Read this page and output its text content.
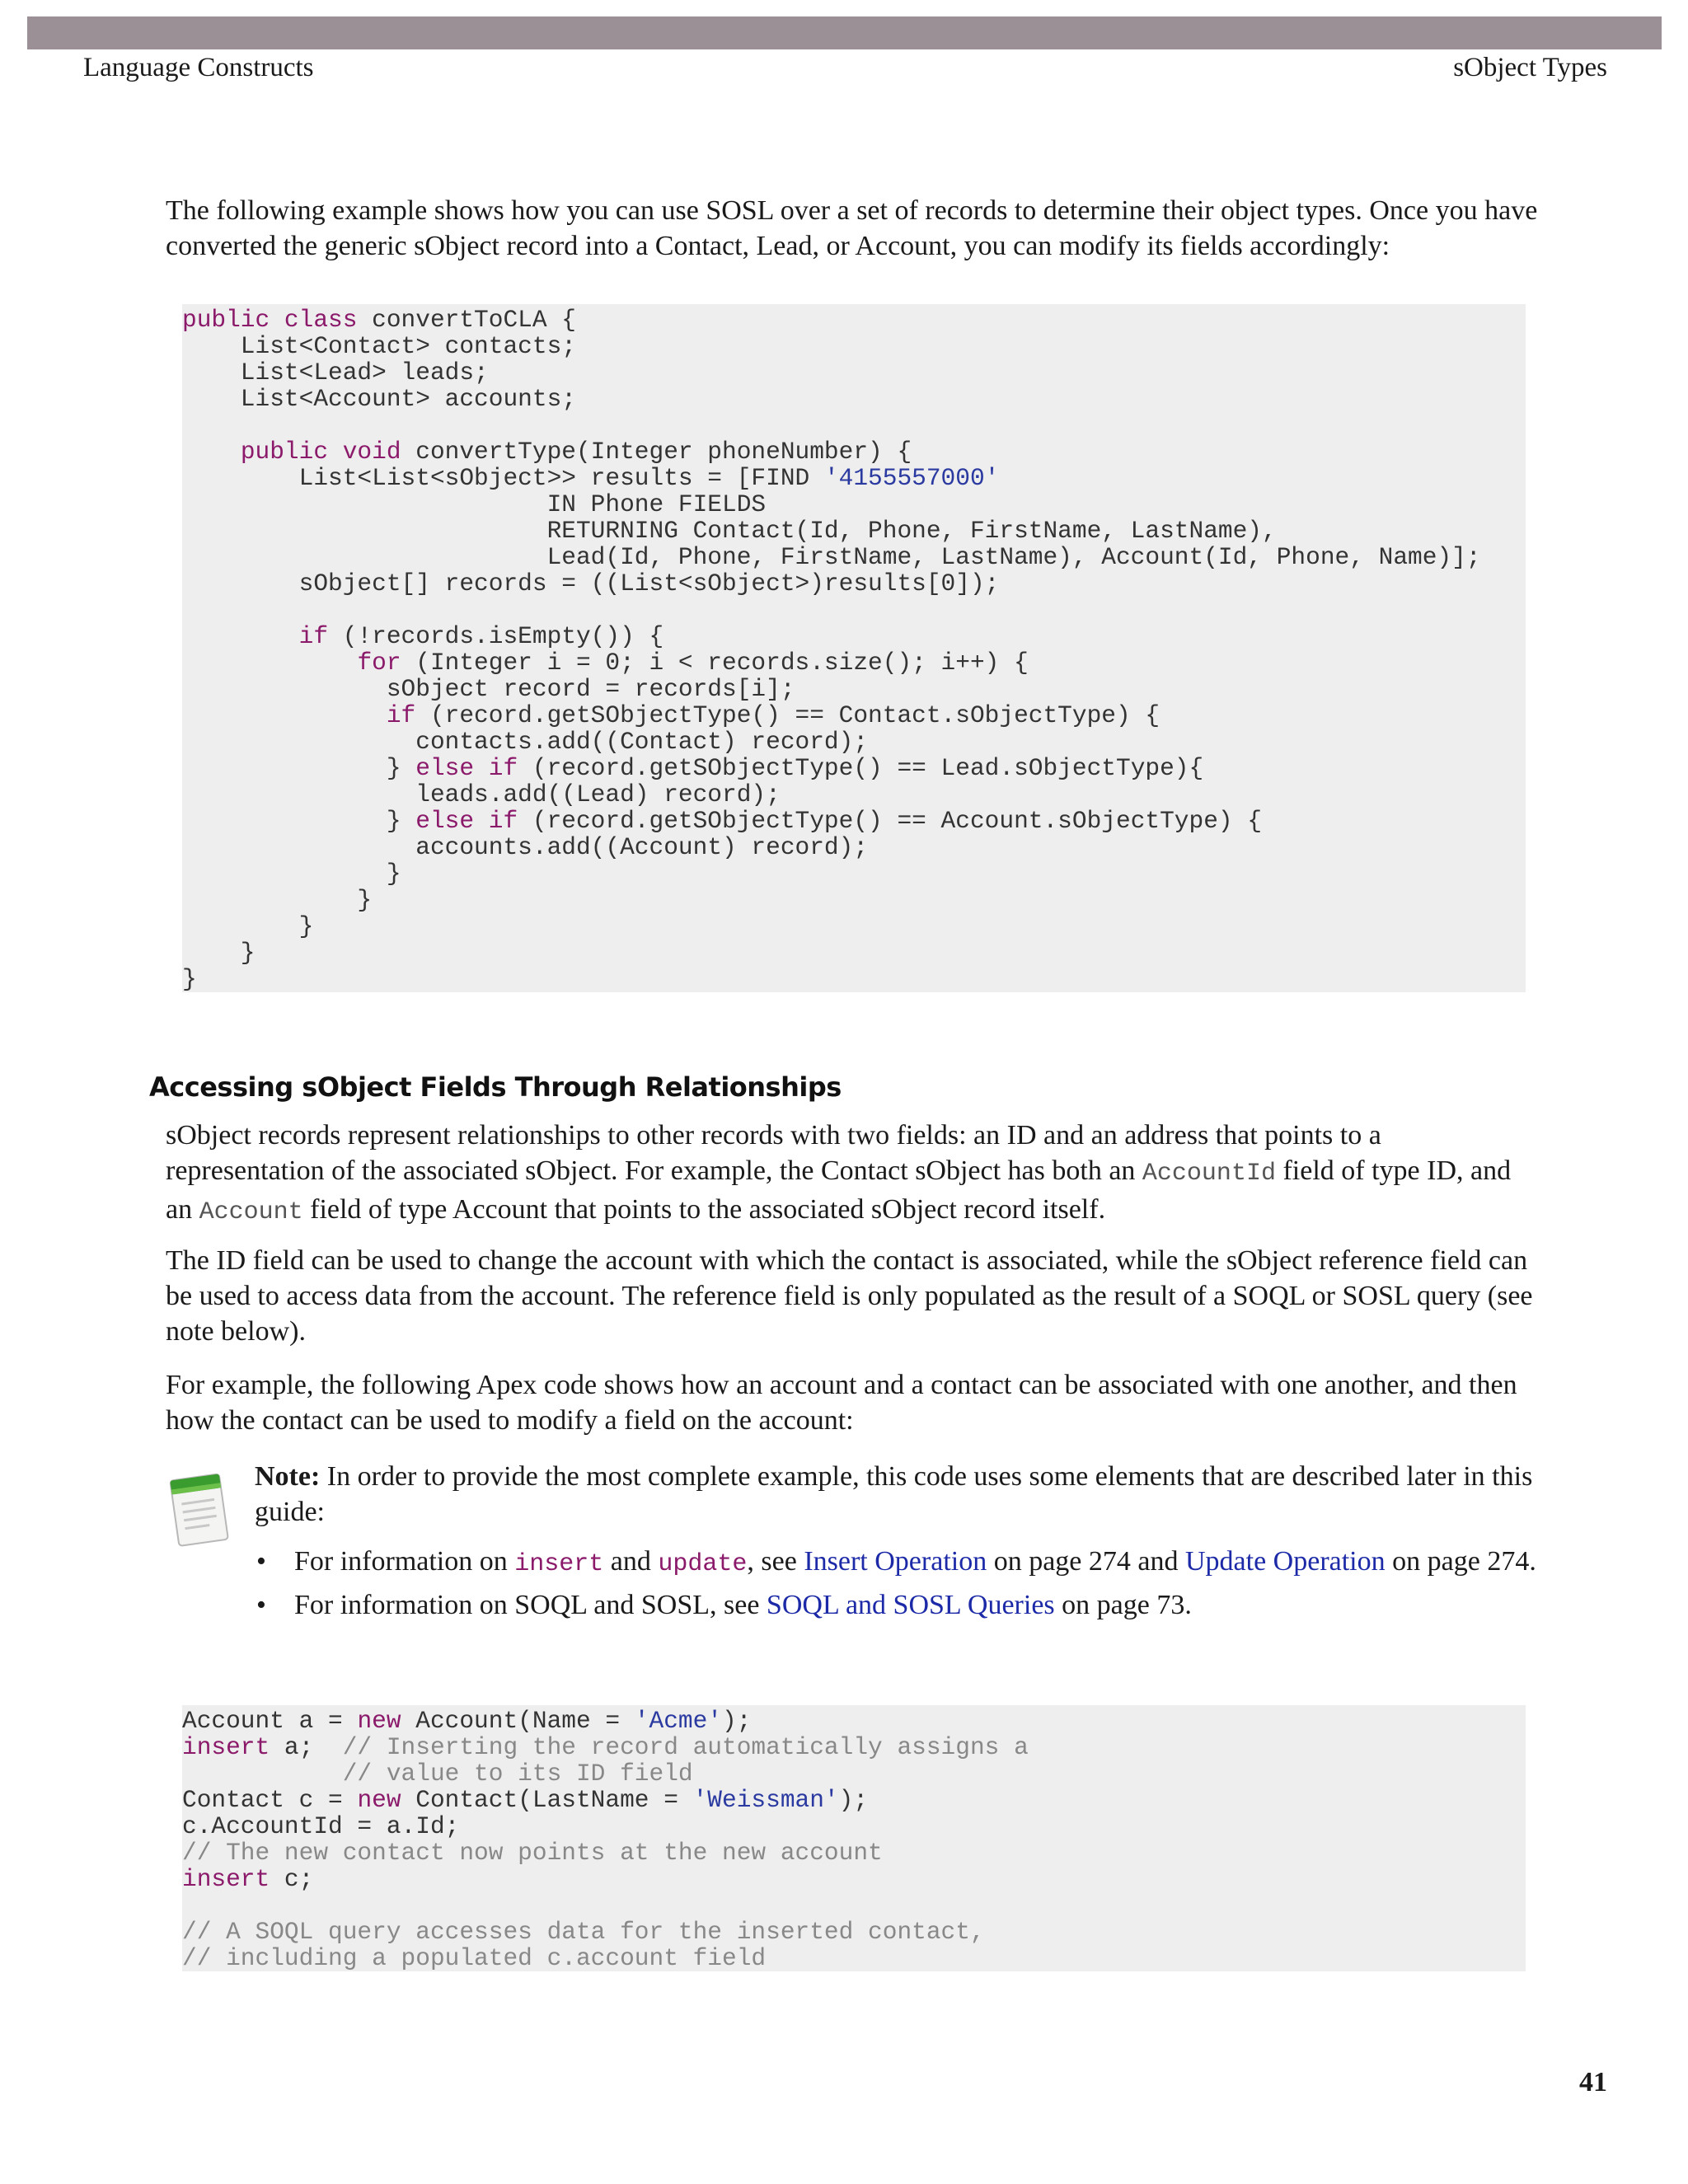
Language Constructs	sObject Types

The following example shows how you can use SOSL over a set of records to determine their object types. Once you have converted the generic sObject record into a Contact, Lead, or Account, you can modify its fields accordingly:

public class convertToCLA {
List<Contact> contacts;
List<Lead> leads;
List<Account> accounts;
public void convertType(Integer phoneNumber) {
List<List<sObject>> results = [FIND '4155557000'
IN Phone FIELDS
RETURNING Contact(Id, Phone, FirstName, LastName),
Lead(Id, Phone, FirstName, LastName), Account(Id, Phone, Name)];
sObject[] records = ((List<sObject>)results[0]);
if (!records.isEmpty()) {
for (Integer i = 0; i < records.size(); i++) {
sObject record = records[i];
if (record.getSObjectType() == Contact.sObjectType) {
contacts.add((Contact) record);
} else if (record.getSObjectType() == Lead.sObjectType){
leads.add((Lead) record);
} else if (record.getSObjectType() == Account.sObjectType) {
accounts.add((Account) record);
}
}
}
}
}
Accessing sObject Fields Through Relationships

sObject records represent relationships to other records with two fields: an ID and an address that points to a representation of the associated sObject. For example, the Contact sObject has both an AccountId field of type ID, and an Account field of type Account that points to the associated sObject record itself.

The ID field can be used to change the account with which the contact is associated, while the sObject reference field can be used to access data from the account. The reference field is only populated as the result of a SOQL or SOSL query (see note below).

For example, the following Apex code shows how an account and a contact can be associated with one another, and then how the contact can be used to modify a field on the account:

Note: In order to provide the most complete example, this code uses some elements that are described later in this guide:

• For information on insert and update, see Insert Operation on page 274 and Update Operation on page 274.
• For information on SOQL and SOSL, see SOQL and SOSL Queries on page 73.
Account a = new Account(Name = 'Acme');
insert a;  // Inserting the record automatically assigns a
// value to its ID field
Contact c = new Contact(LastName = 'Weissman');
c.AccountId = a.Id;
// The new contact now points at the new account
insert c;
// A SOQL query accesses data for the inserted contact,
// including a populated c.account field
41
